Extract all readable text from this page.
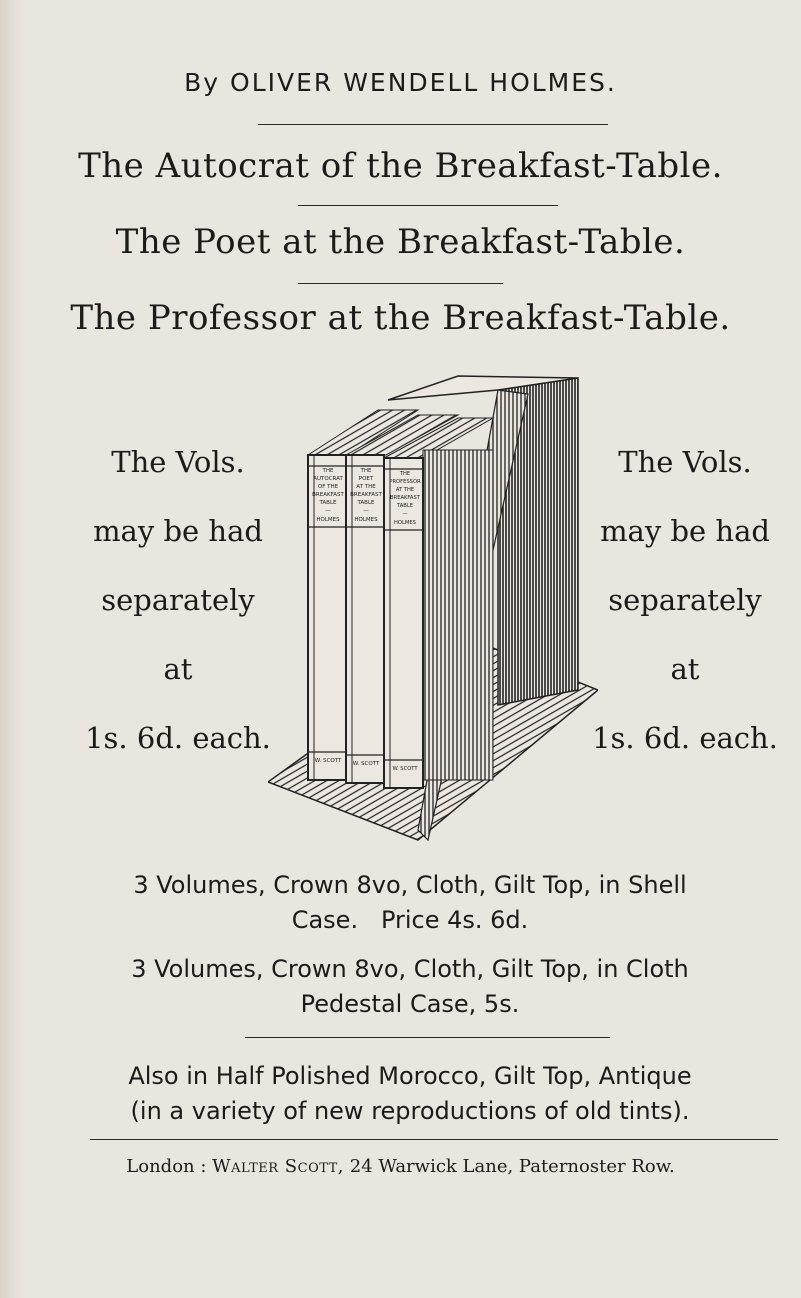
By OLIVER WENDELL HOLMES.
The Autocrat of the Breakfast-Table.
The Poet at the Breakfast-Table.
The Professor at the Breakfast-Table.
The Vols.
may be had
separately
at
1s. 6d. each.
The Vols.
may be had
separately
at
1s. 6d. each.
THE
AUTOCRAT
OF THE
BREAKFAST
TABLE
—
HOLMES
W. SCOTT
THE
POET
AT THE
BREAKFAST
TABLE
—
HOLMES
W. SCOTT
THE
PROFESSOR
AT THE
BREAKFAST
TABLE
—
HOLMES
W. SCOTT
3 Volumes, Crown 8vo, Cloth, Gilt Top, in Shell
Case.   Price 4s. 6d.
3 Volumes, Crown 8vo, Cloth, Gilt Top, in Cloth
Pedestal Case, 5s.
Also in Half Polished Morocco, Gilt Top, Antique
(in a variety of new reproductions of old tints).
London : Walter Scott, 24 Warwick Lane, Paternoster Row.
